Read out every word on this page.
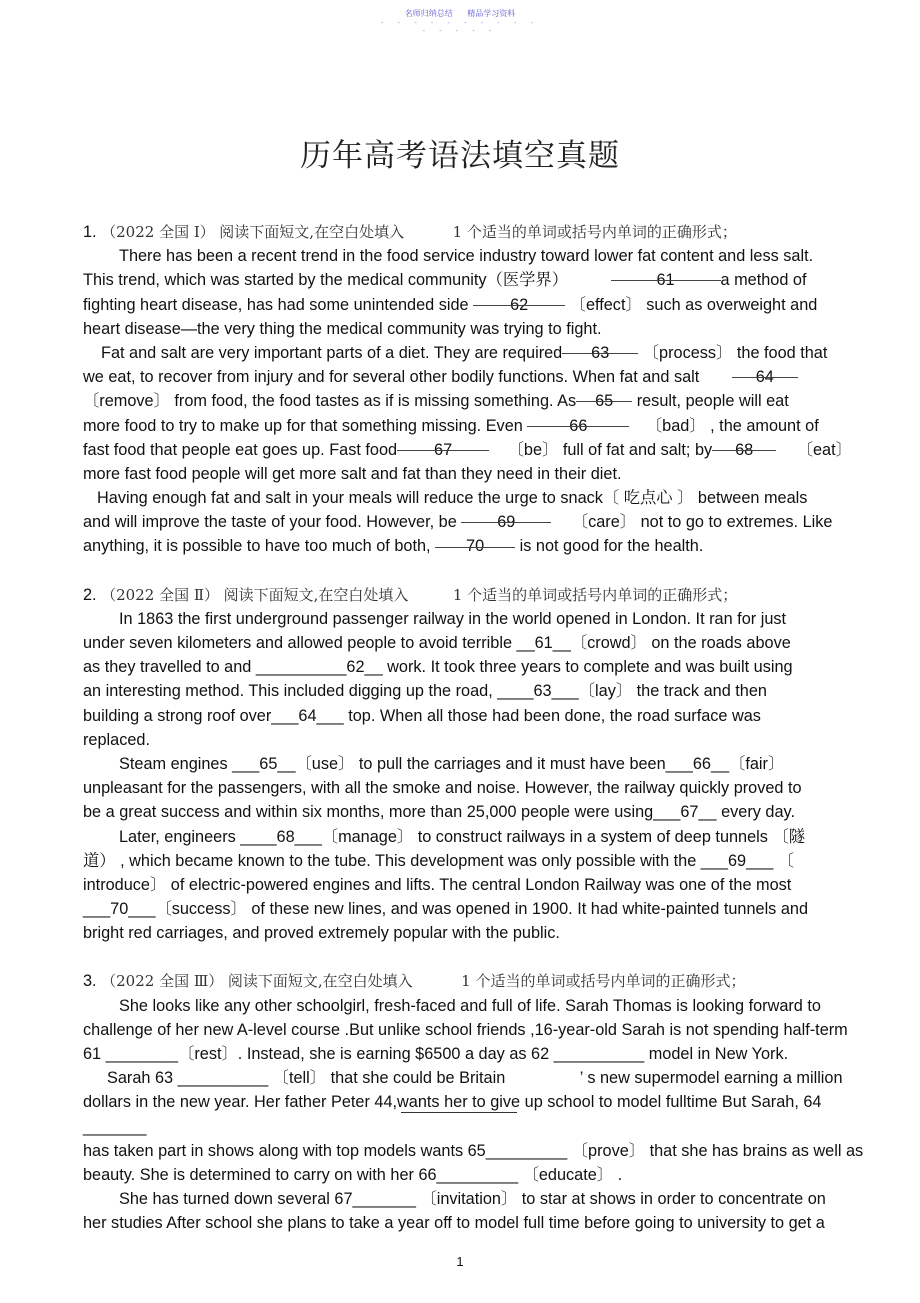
名师归纳总结 精品学习资料
- - - - - - - - - -
- - - - -
历年高考语法填空真题
1. （2022 全国 Ⅰ） 阅读下面短文,在空白处填入	1 个适当的单词或括号内单词的正确形式；
There has been a recent trend in the food service industry toward lower fat content and less salt.
This trend, which was started by the medical community（医学界）	61	a method of
fighting heart disease, has had some unintended side	62	〔effect〕 such as overweight and
heart disease—the very thing the medical community was trying to fight.
Fat and salt are very important parts of a diet. They are required 63 〔process〕 the food that
we eat, to recover from injury and for several other bodily functions. When fat and salt	64
〔remove〕 from food, the food tastes as if is missing something. As 65 result, people will eat
more food to try to make up for that something missing. Even	66	〔bad〕 , the amount of
fast food that people eat goes up. Fast food 67	〔be〕 full of fat and salt; by 68	〔eat〕
more fast food people will get more salt and fat than they need in their diet.
Having enough fat and salt in your meals will reduce the urge to snack〔 吃点心 〕 between meals
and will improve the taste of your food. However, be 69	〔care〕 not to go to extremes. Like
anything, it is possible to have too much of both, 70 is not good for the health.
2. （2022 全国 Ⅱ） 阅读下面短文,在空白处填入	1 个适当的单词或括号内单词的正确形式；
In 1863 the first underground passenger railway in the world opened in London. It ran for just
under seven kilometers and allowed people to avoid terrible __61__〔crowd〕 on the roads above
as they travelled to and __________62__ work. It took three years to complete and was built using
an interesting method. This included digging up the road, ____63___〔lay〕 the track and then
building a strong roof over___64___ top. When all those had been done, the road surface was
replaced.
Steam engines ___65__〔use〕 to pull the carriages and it must have been___66__〔fair〕
unpleasant for the passengers, with all the smoke and noise. However, the railway quickly proved to
be a great success and within six months, more than 25,000 people were using___67__ every day.
Later, engineers ____68___〔manage〕 to construct railways in a system of deep tunnels 〔隧
道） , which became known to the tube. This development was only possible with the ___69___ 〔
introduce〕 of electric-powered engines and lifts. The central London Railway was one of the most
___70___〔success〕 of these new lines, and was opened in 1900. It had white-painted tunnels and
bright red carriages, and proved extremely popular with the public.
3. （2022 全国 Ⅲ） 阅读下面短文,在空白处填入	1 个适当的单词或括号内单词的正确形式；
She looks like any other schoolgirl, fresh-faced and full of life. Sarah Thomas is looking forward to
challenge of her new A-level course .But unlike school friends ,16-year-old Sarah is not spending half-term
61 ________〔rest〕. Instead, she is earning $6500 a day as 62 __________ model in New York.
Sarah 63 __________ 〔tell〕 that she could be Britain	’ s new supermodel earning a million
dollars in the new year. Her father Peter 44,wants her to give up school to model fulltime But Sarah, 64
_______
has taken part in shows along with top models wants 65_________ 〔prove〕 that she has brains as well as
beauty. She is determined to carry on with her 66_________ 〔educate〕 .
She has turned down several 67_______ 〔invitation〕 to star at shows in order to concentrate on
her studies After school she plans to take a year off to model full time before going to university to get a
1
